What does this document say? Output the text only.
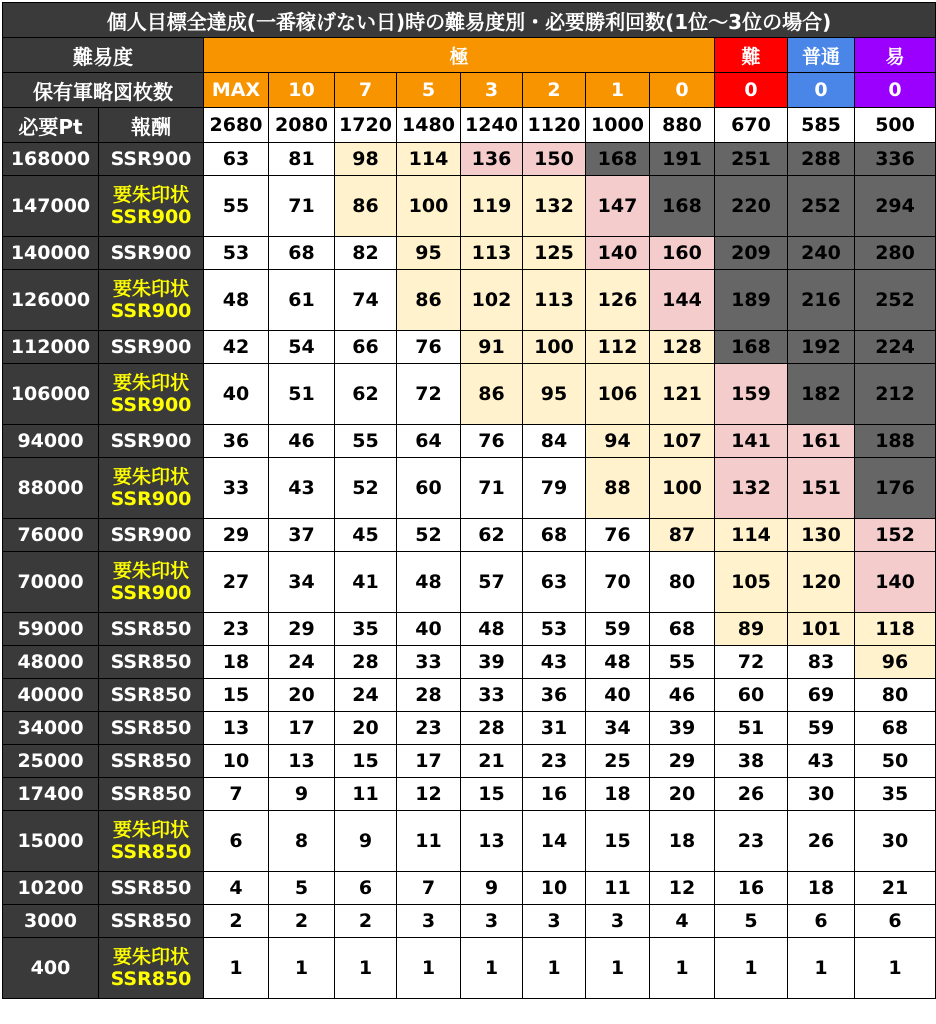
個人目標全達成(一番稼げない日)時の難易度別・必要勝利回数(1位〜3位の場合)												
難易度		極								難	普通	易
保有軍略図枚数		MAX	10	7	5	3	2	1	0	0	0	0
必要Pt	報酬	2680	2080	1720	1480	1240	1120	1000	880	670	585	500
168000	SSR900	63	81	98	114	136	150	168	191	251	288	336
147000	要朱印状
SSR900	55	71	86	100	119	132	147	168	220	252	294
140000	SSR900	53	68	82	95	113	125	140	160	209	240	280
126000	要朱印状
SSR900	48	61	74	86	102	113	126	144	189	216	252
112000	SSR900	42	54	66	76	91	100	112	128	168	192	224
106000	要朱印状
SSR900	40	51	62	72	86	95	106	121	159	182	212
94000	SSR900	36	46	55	64	76	84	94	107	141	161	188
88000	要朱印状
SSR900	33	43	52	60	71	79	88	100	132	151	176
76000	SSR900	29	37	45	52	62	68	76	87	114	130	152
70000	要朱印状
SSR900	27	34	41	48	57	63	70	80	105	120	140
59000	SSR850	23	29	35	40	48	53	59	68	89	101	118
48000	SSR850	18	24	28	33	39	43	48	55	72	83	96
40000	SSR850	15	20	24	28	33	36	40	46	60	69	80
34000	SSR850	13	17	20	23	28	31	34	39	51	59	68
25000	SSR850	10	13	15	17	21	23	25	29	38	43	50
17400	SSR850	7	9	11	12	15	16	18	20	26	30	35
15000	要朱印状
SSR850	6	8	9	11	13	14	15	18	23	26	30
10200	SSR850	4	5	6	7	9	10	11	12	16	18	21
3000	SSR850	2	2	2	3	3	3	3	4	5	6	6
400	要朱印状
SSR850	1	1	1	1	1	1	1	1	1	1	1
